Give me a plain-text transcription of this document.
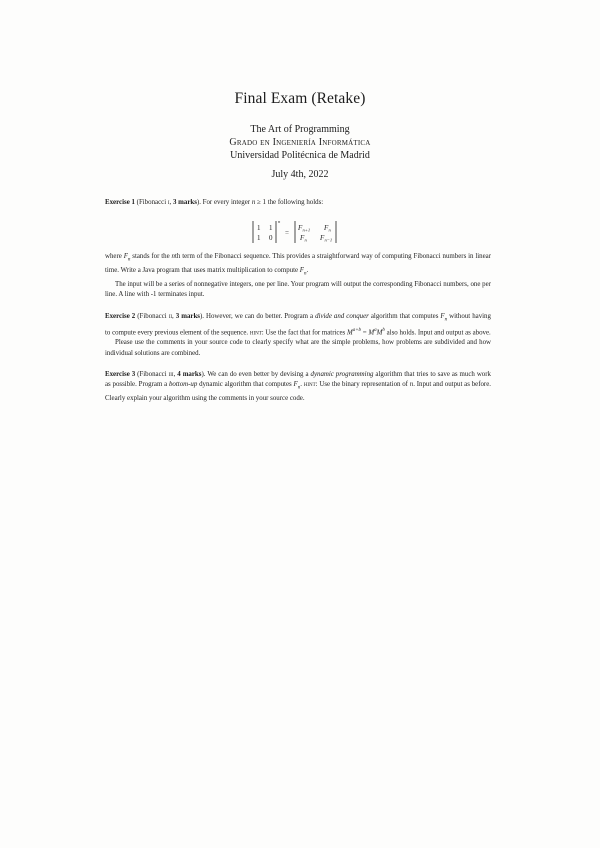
Final Exam (Retake)
The Art of Programming
Grado en Ingeniería Informática
Universidad Politécnica de Madrid
July 4th, 2022

Exercise 1 (Fibonacci i, 3 marks). For every integer n ≥ 1 the following holds:

1 1
1 0
n
=
F n+1 F n
F n F n−1

where $F_n$ stands for the nth term of the Fibonacci sequence. This provides a straightforward way of computing Fibonacci numbers in linear time. Write a Java program that uses matrix multiplication to compute $F_n$.

The input will be a series of nonnegative integers, one per line. Your program will output the corresponding Fibonacci numbers, one per line. A line with -1 terminates input.

Exercise 2 (Fibonacci ii, 3 marks). However, we can do better. Program a divide and conquer algorithm that computes $F_n$ without having to compute every previous element of the sequence. hint: Use the fact that for matrices $M^{a+b} = M^aM^b$ also holds. Input and output as above.

Please use the comments in your source code to clearly specify what are the simple problems, how problems are subdivided and how individual solutions are combined.

Exercise 3 (Fibonacci iii, 4 marks). We can do even better by devising a dynamic programming algorithm that tries to save as much work as possible. Program a bottom-up dynamic algorithm that computes $F_n$. hint: Use the binary representation of n. Input and output as before. Clearly explain your algorithm using the comments in your source code.
